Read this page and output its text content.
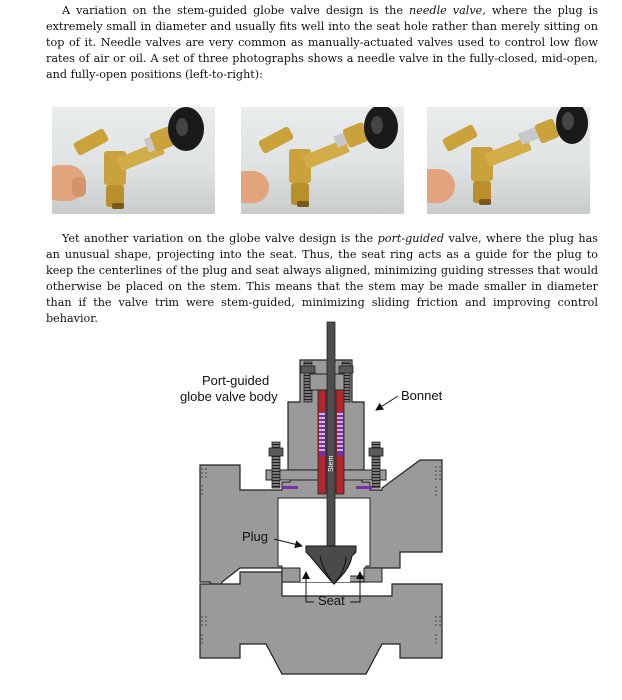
A variation on the stem-guided globe valve design is the needle valve, where the plug is extremely small in diameter and usually fits well into the seat hole rather than merely sitting on top of it. Needle valves are very common as manually-actuated valves used to control low flow rates of air or oil. A set of three photographs shows a needle valve in the fully-closed, mid-open, and fully-open positions (left-to-right):

Yet another variation on the globe valve design is the port-guided valve, where the plug has an unusual shape, projecting into the seat. Thus, the seat ring acts as a guide for the plug to keep the centerlines of the plug and seat always aligned, minimizing guiding stresses that would otherwise be placed on the stem. This means that the stem may be made smaller in diameter than if the valve trim were stem-guided, minimizing sliding friction and improving control behavior.

Stem
Port-guided
globe valve body	Bonnet
Plug
Seat
